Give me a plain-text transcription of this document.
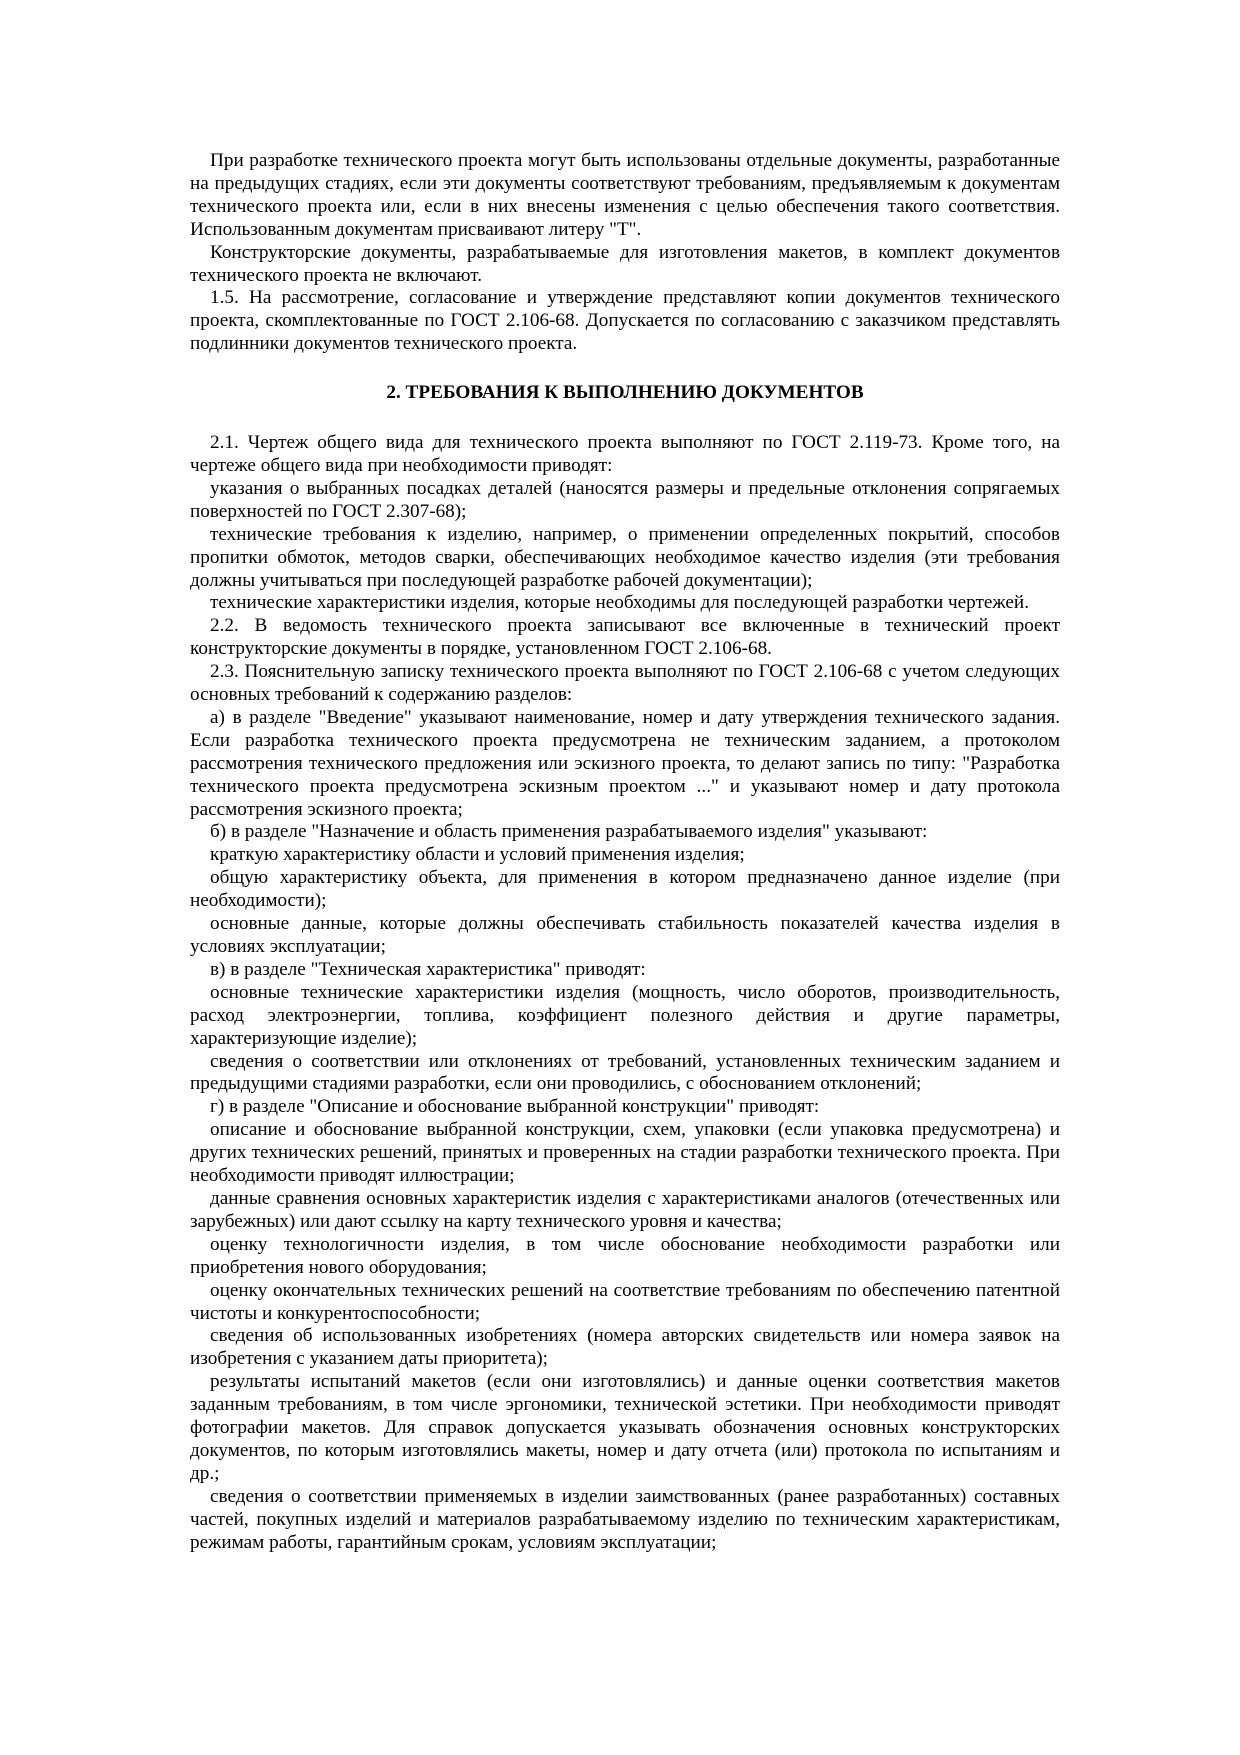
При разработке технического проекта могут быть использованы отдельные документы, разработанные на предыдущих стадиях, если эти документы соответствуют требованиям, предъявляемым к документам технического проекта или, если в них внесены изменения с целью обеспечения такого соответствия. Использованным документам присваивают литеру "Т".

Конструкторские документы, разрабатываемые для изготовления макетов, в комплект документов технического проекта не включают.

1.5. На рассмотрение, согласование и утверждение представляют копии документов технического проекта, скомплектованные по ГОСТ 2.106-68. Допускается по согласованию с заказчиком представлять подлинники документов технического проекта.

2. ТРЕБОВАНИЯ К ВЫПОЛНЕНИЮ ДОКУМЕНТОВ

2.1. Чертеж общего вида для технического проекта выполняют по ГОСТ 2.119-73. Кроме того, на чертеже общего вида при необходимости приводят:

указания о выбранных посадках деталей (наносятся размеры и предельные отклонения сопрягаемых поверхностей по ГОСТ 2.307-68);

технические требования к изделию, например, о применении определенных покрытий, способов пропитки обмоток, методов сварки, обеспечивающих необходимое качество изделия (эти требования должны учитываться при последующей разработке рабочей документации);

технические характеристики изделия, которые необходимы для последующей разработки чертежей.

2.2. В ведомость технического проекта записывают все включенные в технический проект конструкторские документы в порядке, установленном ГОСТ 2.106-68.

2.3. Пояснительную записку технического проекта выполняют по ГОСТ 2.106-68 с учетом следующих основных требований к содержанию разделов:

а) в разделе "Введение" указывают наименование, номер и дату утверждения технического задания. Если разработка технического проекта предусмотрена не техническим заданием, а протоколом рассмотрения технического предложения или эскизного проекта, то делают запись по типу: "Разработка технического проекта предусмотрена эскизным проектом ..." и указывают номер и дату протокола рассмотрения эскизного проекта;

б) в разделе "Назначение и область применения разрабатываемого изделия" указывают:

краткую характеристику области и условий применения изделия;

общую характеристику объекта, для применения в котором предназначено данное изделие (при необходимости);

основные данные, которые должны обеспечивать стабильность показателей качества изделия в условиях эксплуатации;

в) в разделе "Техническая характеристика" приводят:

основные технические характеристики изделия (мощность, число оборотов, производительность, расход электроэнергии, топлива, коэффициент полезного действия и другие параметры, характеризующие изделие);

сведения о соответствии или отклонениях от требований, установленных техническим заданием и предыдущими стадиями разработки, если они проводились, с обоснованием отклонений;

г) в разделе "Описание и обоснование выбранной конструкции" приводят:

описание и обоснование выбранной конструкции, схем, упаковки (если упаковка предусмотрена) и других технических решений, принятых и проверенных на стадии разработки технического проекта. При необходимости приводят иллюстрации;

данные сравнения основных характеристик изделия с характеристиками аналогов (отечественных или зарубежных) или дают ссылку на карту технического уровня и качества;

оценку технологичности изделия, в том числе обоснование необходимости разработки или приобретения нового оборудования;

оценку окончательных технических решений на соответствие требованиям по обеспечению патентной чистоты и конкурентоспособности;

сведения об использованных изобретениях (номера авторских свидетельств или номера заявок на изобретения с указанием даты приоритета);

результаты испытаний макетов (если они изготовлялись) и данные оценки соответствия макетов заданным требованиям, в том числе эргономики, технической эстетики. При необходимости приводят фотографии макетов. Для справок допускается указывать обозначения основных конструкторских документов, по которым изготовлялись макеты, номер и дату отчета (или) протокола по испытаниям и др.;

сведения о соответствии применяемых в изделии заимствованных (ранее разработанных) составных частей, покупных изделий и материалов разрабатываемому изделию по техническим характеристикам, режимам работы, гарантийным срокам, условиям эксплуатации;
